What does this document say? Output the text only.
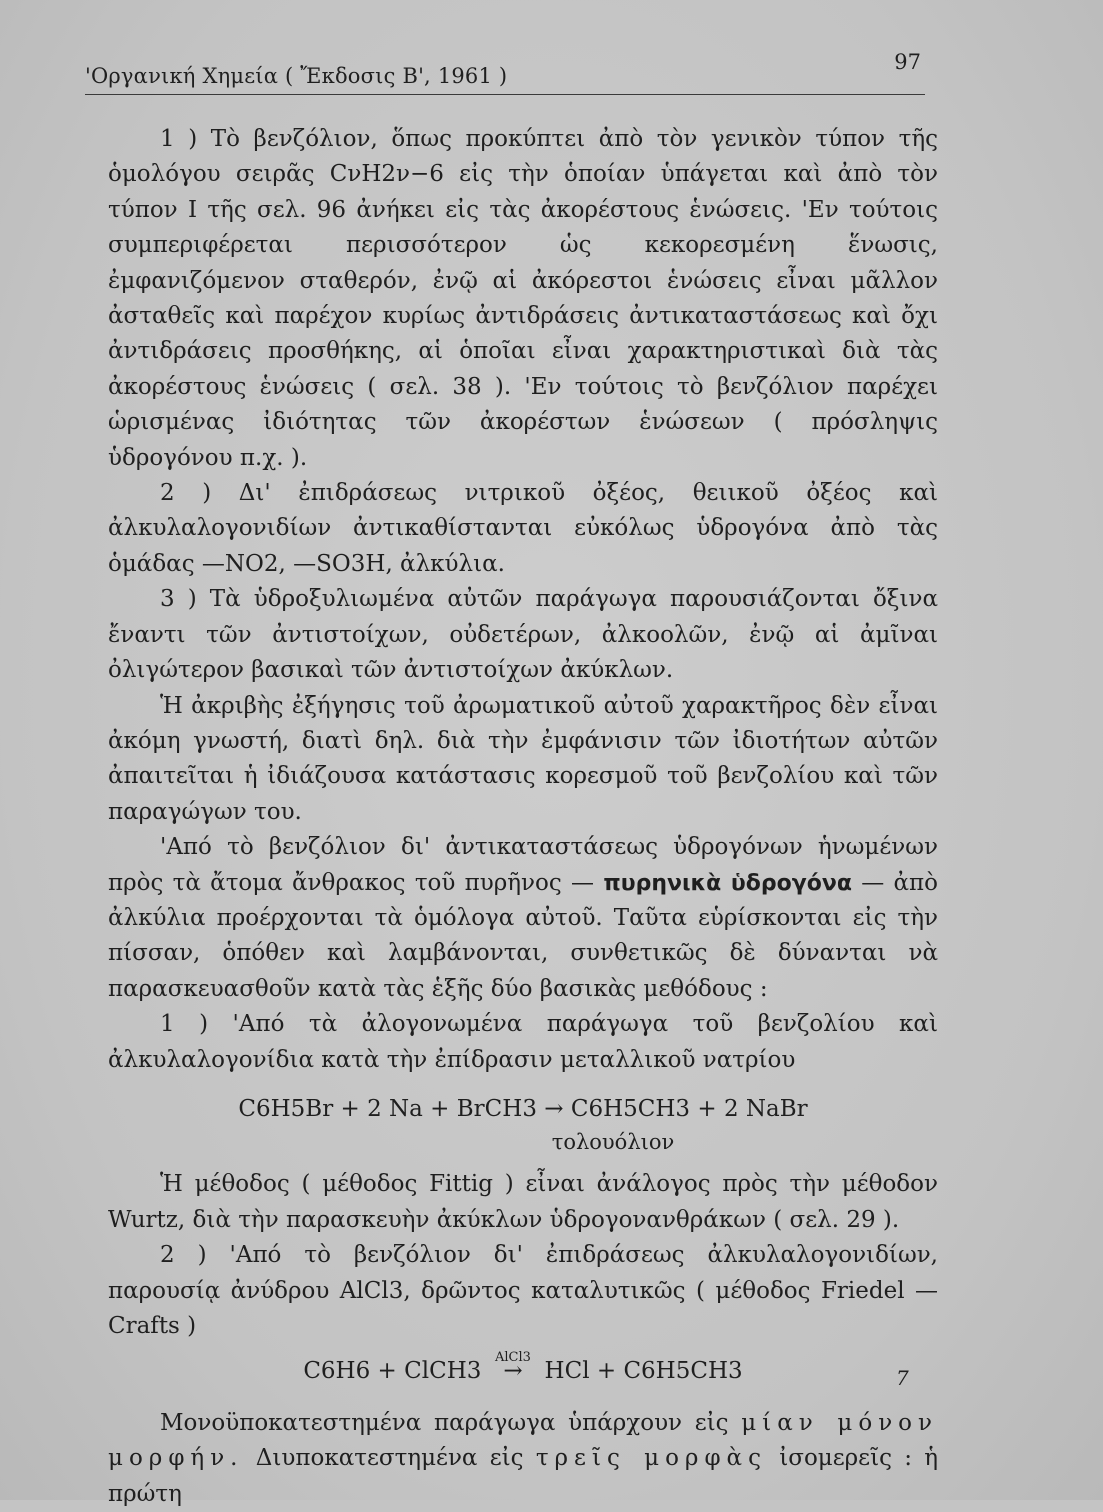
'Οργανική Χημεία ( Ἔκδοσις Β', 1961 )
97

1 ) Τὸ βενζόλιον, ὅπως προκύπτει ἀπὸ τὸν γενικὸν τύπον τῆς ὁμολόγου σειρᾶς CνH2ν−6 εἰς τὴν ὁποίαν ὑπάγεται καὶ ἀπὸ τὸν τύπον Ι τῆς σελ. 96 ἀνήκει εἰς τὰς ἀκορέστους ἑνώσεις. 'Εν τούτοις συμπεριφέρεται περισσότερον ὡς κεκορεσμένη ἕνωσις, ἐμφανιζόμενον σταθερόν, ἐνῷ αἱ ἀκόρεστοι ἑνώσεις εἶναι μᾶλλον ἀσταθεῖς καὶ παρέχον κυρίως ἀντιδράσεις ἀντικαταστάσεως καὶ ὄχι ἀντιδράσεις προσθήκης, αἱ ὁποῖαι εἶναι χαρακτηριστικαὶ διὰ τὰς ἀκορέστους ἑνώσεις ( σελ. 38 ). 'Εν τούτοις τὸ βενζόλιον παρέχει ὡρισμένας ἰδιότητας τῶν ἀκορέστων ἑνώσεων ( πρόσληψις ὑδρογόνου π.χ. ).

2 ) Δι' ἐπιδράσεως νιτρικοῦ ὀξέος, θειικοῦ ὀξέος καὶ ἀλκυλαλογονιδίων ἀντικαθίστανται εὐκόλως ὑδρογόνα ἀπὸ τὰς ὁμάδας —NO2, —SO3H, ἀλκύλια.

3 ) Τὰ ὑδροξυλιωμένα αὐτῶν παράγωγα παρουσιάζονται ὄξινα ἔναντι τῶν ἀντιστοίχων, οὐδετέρων, ἀλκοολῶν, ἐνῷ αἱ ἀμῖναι ὀλιγώτερον βασικαὶ τῶν ἀντιστοίχων ἀκύκλων.

Ἡ ἀκριβὴς ἐξήγησις τοῦ ἀρωματικοῦ αὐτοῦ χαρακτῆρος δὲν εἶναι ἀκόμη γνωστή, διατὶ δηλ. διὰ τὴν ἐμφάνισιν τῶν ἰδιοτήτων αὐτῶν ἀπαιτεῖται ἡ ἰδιάζουσα κατάστασις κορεσμοῦ τοῦ βενζολίου καὶ τῶν παραγώγων του.

'Από τὸ βενζόλιον δι' ἀντικαταστάσεως ὑδρογόνων ἡνωμένων πρὸς τὰ ἄτομα ἄνθρακος τοῦ πυρῆνος — πυρηνικὰ ὑδρογόνα — ἀπὸ ἀλκύλια προέρχονται τὰ ὁμόλογα αὐτοῦ. Ταῦτα εὑρίσκονται εἰς τὴν πίσσαν, ὁπόθεν καὶ λαμβάνονται, συνθετικῶς δὲ δύνανται νὰ παρασκευασθοῦν κατὰ τὰς ἑξῆς δύο βασικὰς μεθόδους :

1 ) 'Από τὰ ἀλογονωμένα παράγωγα τοῦ βενζολίου καὶ ἀλκυλαλογονίδια κατὰ τὴν ἐπίδρασιν μεταλλικοῦ νατρίου

C6H5Br + 2 Na + BrCH3 → C6H5CH3 + 2 NaBr
τολουόλιον

Ἡ μέθοδος ( μέθοδος Fittig ) εἶναι ἀνάλογος πρὸς τὴν μέθοδον Wurtz, διὰ τὴν παρασκευὴν ἀκύκλων ὑδρογονανθράκων ( σελ. 29 ).

2 ) 'Από τὸ βενζόλιον δι' ἐπιδράσεως ἀλκυλαλογονιδίων, παρουσίᾳ ἀνύδρου AlCl3, δρῶντος καταλυτικῶς ( μέθοδος Friedel — Crafts )

C6H6 + ClCH3
AlCl3
→ HCl + C6H5CH3

Μονοϋποκατεστημένα παράγωγα ὑπάρχουν εἰς μίαν μόνον μορφήν. Διυποκατεστημένα εἰς τρεῖς μορφὰς ἰσομερεῖς : ἡ πρώτη

7
